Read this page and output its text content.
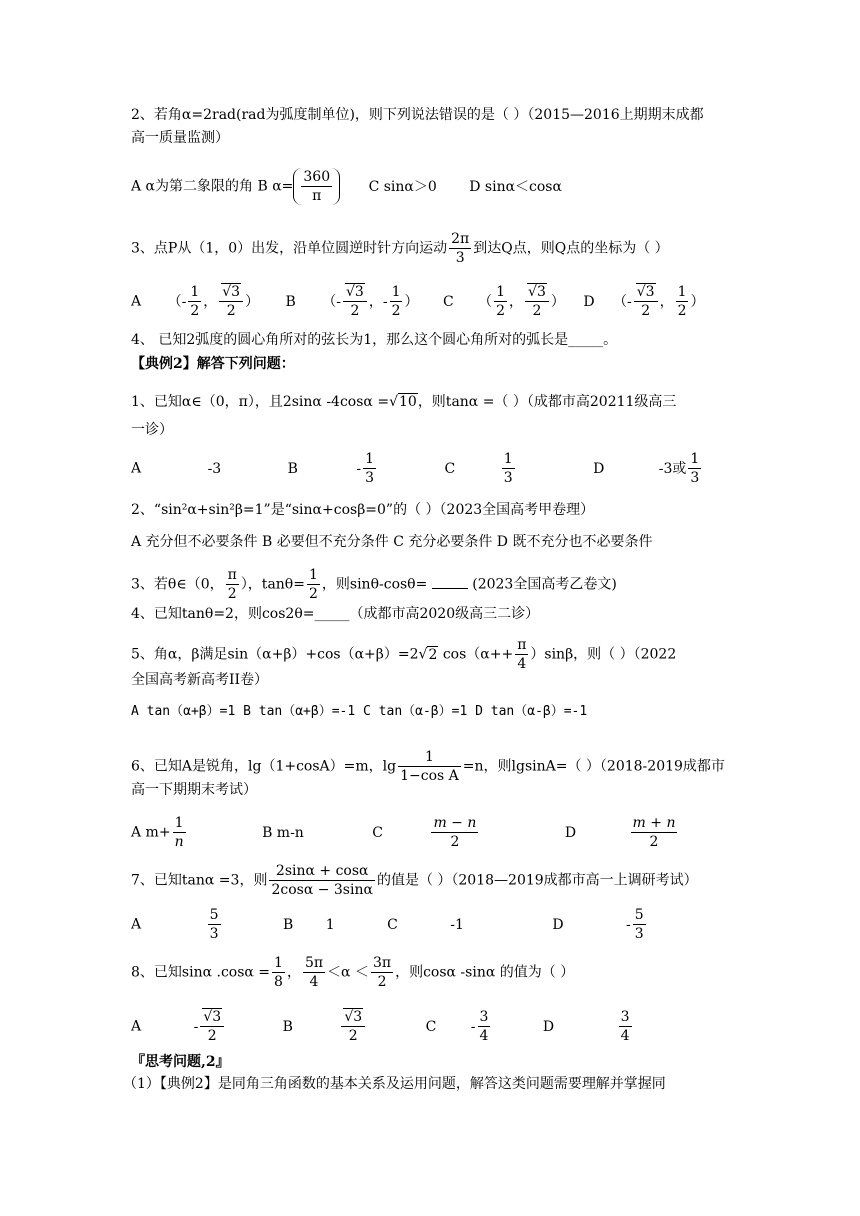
2、若角α=2rad(rad为弧度制单位)，则下列说法错误的是（ ）（2015—2016上期期末成都
高一质量监测）
A α为第二象限的角 B $\alpha= \frac{360}{\pi}$	C sinα＞0 D sinα＜cosα
3、点P从（1，0）出发，沿单位圆逆时针方向运动 $\frac{2\pi}{3}$ 到达Q点，则Q点的坐标为（ ）
A （- $\frac{1}{2}$ ， $\frac{√3}{2}$ ） B （- $\frac{√3}{2}$ ，- $\frac{1}{2}$ ） C （ $\frac{1}{2}$ ， $\frac{√3}{2}$ ） D （- $\frac{√3}{2}$ ， $\frac{1}{2}$ ）
4、 已知2弧度的圆心角所对的弦长为1，那么这个圆心角所对的弧长是_____。
【典例2】解答下列问题：
1、已知α∈（0，π），且2sinα -4cosα =√10，则tanα =（ ）（成都市高20211级高三
一诊）
A	-3	B	- $\frac{1}{3}$	C	$\frac{1}{3}$	D	-3或 $\frac{1}{3}$
2、“sin²α+sin²β=1”是“sinα+cosβ=0”的（ ）（2023全国高考甲卷理）
A 充分但不必要条件 B 必要但不充分条件 C 充分必要条件 D 既不充分也不必要条件
3、若θ∈（0， $\frac{\pi}{2}$ ），$\tan\theta= \frac{1}{2}$ ，则sinθ-cosθ=	(2023全国高考乙卷文)
4、已知tanθ=2，则cos2θ=_____（成都市高2020级高三二诊）
5、角α，β满足sin（α+β）+cos（α+β）=2√2 $\cos(\alpha++ \frac{\pi}{4} )\sin\beta$，则（ ）（2022
全国高考新高考II卷）
A tan（α+β）=1 B tan（α+β）=-1 C tan（α-β）=1 D tan（α-β）=-1
6、已知A是锐角，lg（1+cosA）=m，$\lg \frac{1}{\text{1−cos A}} =n$，则lgsinA=（ ）（2018-2019成都市
高一下期期末考试）
A $m+ \frac{1}{n}$	B m-n	C	$\frac{m - n}{2}$	D	$\frac{m + n}{2}$
7、已知tanα =3，则 $\frac{2\sin\alpha + \cos\alpha}{2\cos\alpha - 3\sin\alpha}$ 的值是（ ）（2018—2019成都市高一上调研考试）
A	$\frac{5}{3}$	B 1	C	-1	D	- $\frac{5}{3}$
8、已知sinα $.\cos\alpha = \frac{1}{8}$ ， $\frac{5\pi}{4} <\alpha < \frac{3\pi}{2}$ ，则cosα -sinα 的值为（ ）
A	- $\frac{√3}{2}$	B	$\frac{√3}{2}$	C - $\frac{3}{4}$	D	$\frac{3}{4}$
『思考问题,2』
（1）【典例2】是同角三角函数的基本关系及运用问题，解答这类问题需要理解并掌握同
